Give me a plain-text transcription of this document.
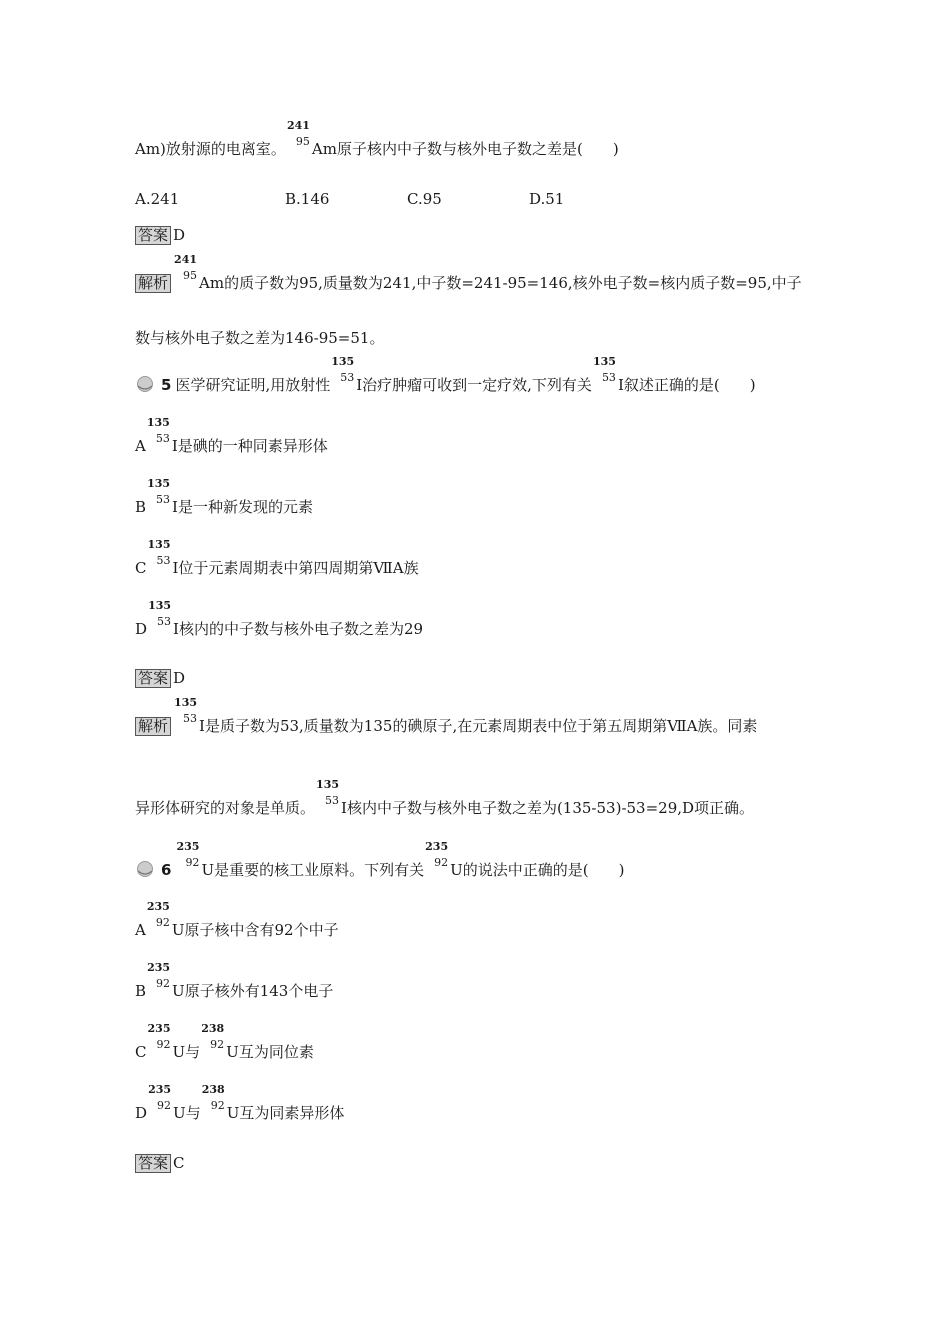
Am)放射源的电离室。
241
95 Am原子核内中子数与核外电子数之差是(　　)
A.241	B.146	C.95	D.51
答案 D
解析
241
95 Am的质子数为95,质量数为241,中子数=241-95=146,核外电子数=核内质子数=95,中子
数与核外电子数之差为146-95=51。
5 医学研究证明,用放射性
135
53 I治疗肿瘤可收到一定疗效,下列有关
135
53 I叙述正确的是(　　)
A
135
53 I是碘的一种同素异形体
B
135
53 I是一种新发现的元素
C
135
53 I位于元素周期表中第四周期第ⅦA族
D
135
53 I核内的中子数与核外电子数之差为29
答案 D
解析
135
53 I是质子数为53,质量数为135的碘原子,在元素周期表中位于第五周期第ⅦA族。同素
异形体研究的对象是单质。
135
53 I核内中子数与核外电子数之差为(135-53)-53=29,D项正确。
6
235
92 U是重要的核工业原料。下列有关
235
92 U的说法中正确的是(　　)
A
235
92 U原子核中含有92个中子
B
235
92 U原子核外有143个电子
C
235
92 U与
238
92 U互为同位素
D
235
92 U与
238
92 U互为同素异形体
答案 C
